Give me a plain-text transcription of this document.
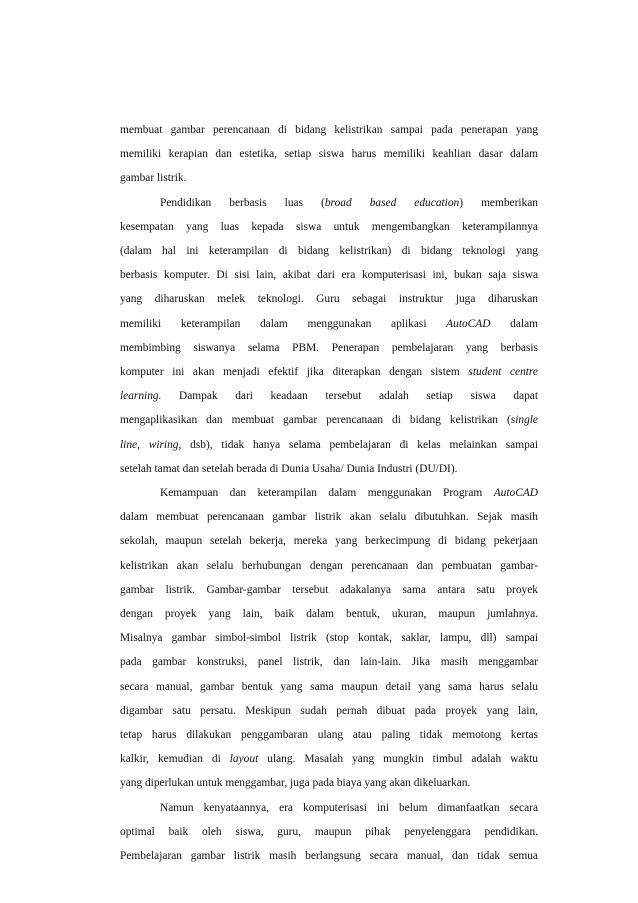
membuat gambar perencanaan di bidang kelistrikan sampai pada penerapan yang
memiliki kerapian dan estetika, setiap siswa harus memiliki keahlian dasar dalam
gambar listrik.
Pendidikan berbasis luas (broad based education) memberikan
kesempatan yang luas kepada siswa untuk mengembangkan keterampilannya
(dalam hal ini keterampilan di bidang kelistrikan) di bidang teknologi yang
berbasis komputer. Di sisi lain, akibat dari era komputerisasi ini, bukan saja siswa
yang diharuskan melek teknologi. Guru sebagai instruktur juga diharuskan
memiliki keterampilan dalam menggunakan aplikasi AutoCAD dalam
membimbing siswanya selama PBM. Penerapan pembelajaran yang berbasis
komputer ini akan menjadi efektif jika diterapkan dengan sistem student centre
learning. Dampak dari keadaan tersebut adalah setiap siswa dapat
mengaplikasikan dan membuat gambar perencanaan di bidang kelistrikan (single
line, wiring, dsb), tidak hanya selama pembelajaran di kelas melainkan sampai
setelah tamat dan setelah berada di Dunia Usaha/ Dunia Industri (DU/DI).
Kemampuan dan keterampilan dalam menggunakan Program AutoCAD
dalam membuat perencanaan gambar listrik akan selalu dibutuhkan. Sejak masih
sekolah, maupun setelah bekerja, mereka yang berkecimpung di bidang pekerjaan
kelistrikan akan selalu berhubungan dengan perencanaan dan pembuatan gambar-
gambar listrik. Gambar-gambar tersebut adakalanya sama antara satu proyek
dengan proyek yang lain, baik dalam bentuk, ukuran, maupun jumlahnya.
Misalnya gambar simbol-simbol listrik (stop kontak, saklar, lampu, dll) sampai
pada gambar konstruksi, panel listrik, dan lain-lain. Jika masih menggambar
secara manual, gambar bentuk yang sama maupun detail yang sama harus selalu
digambar satu persatu. Meskipun sudah pernah dibuat pada proyek yang lain,
tetap harus dilakukan penggambaran ulang atau paling tidak memotong kertas
kalkir, kemudian di layout ulang. Masalah yang mungkin timbul adalah waktu
yang diperlukan untuk menggambar, juga pada biaya yang akan dikeluarkan.
Namun kenyataannya, era komputerisasi ini belum dimanfaatkan secara
optimal baik oleh siswa, guru, maupun pihak penyelenggara pendidikan.
Pembelajaran gambar listrik masih berlangsung secara manual, dan tidak semua
